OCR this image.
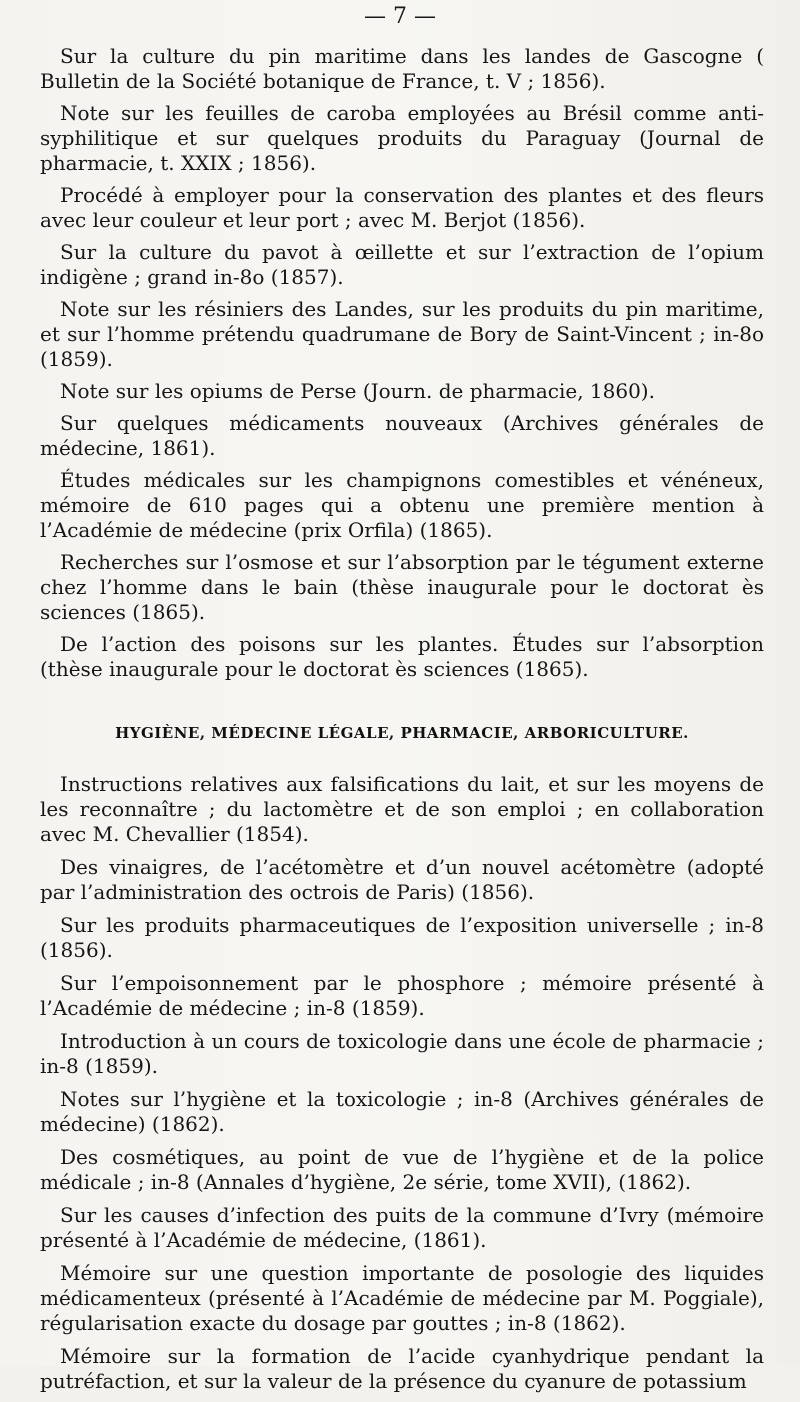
— 7 —

Sur la culture du pin maritime dans les landes de Gascogne ( Bulletin de la Société botanique de France, t. V ; 1856).

Note sur les feuilles de caroba employées au Brésil comme anti-syphilitique et sur quelques produits du Paraguay (Journal de pharmacie, t. XXIX ; 1856).

Procédé à employer pour la conservation des plantes et des fleurs avec leur couleur et leur port ; avec M. Berjot (1856).

Sur la culture du pavot à œillette et sur l’extraction de l’opium indigène ; grand in-8o (1857).

Note sur les résiniers des Landes, sur les produits du pin maritime, et sur l’homme prétendu quadrumane de Bory de Saint-Vincent ; in-8o (1859).

Note sur les opiums de Perse (Journ. de pharmacie, 1860).

Sur quelques médicaments nouveaux (Archives générales de médecine, 1861).

Études médicales sur les champignons comestibles et vénéneux, mémoire de 610 pages qui a obtenu une première mention à l’Académie de médecine (prix Orfila) (1865).

Recherches sur l’osmose et sur l’absorption par le tégument externe chez l’homme dans le bain (thèse inaugurale pour le doctorat ès sciences (1865).

De l’action des poisons sur les plantes. Études sur l’absorption (thèse inaugurale pour le doctorat ès sciences (1865).

HYGIÈNE, MÉDECINE LÉGALE, PHARMACIE, ARBORICULTURE.

Instructions relatives aux falsifications du lait, et sur les moyens de les reconnaître ; du lactomètre et de son emploi ; en collaboration avec M. Chevallier (1854).

Des vinaigres, de l’acétomètre et d’un nouvel acétomètre (adopté par l’administration des octrois de Paris) (1856).

Sur les produits pharmaceutiques de l’exposition universelle ; in-8 (1856).

Sur l’empoisonnement par le phosphore ; mémoire présenté à l’Académie de médecine ; in-8 (1859).

Introduction à un cours de toxicologie dans une école de pharmacie ; in-8 (1859).

Notes sur l’hygiène et la toxicologie ; in-8 (Archives générales de médecine) (1862).

Des cosmétiques, au point de vue de l’hygiène et de la police médicale ; in-8 (Annales d’hygiène, 2e série, tome XVII), (1862).

Sur les causes d’infection des puits de la commune d’Ivry (mémoire présenté à l’Académie de médecine, (1861).

Mémoire sur une question importante de posologie des liquides médicamenteux (présenté à l’Académie de médecine par M. Poggiale), régularisation exacte du dosage par gouttes ; in-8 (1862).

Mémoire sur la formation de l’acide cyanhydrique pendant la putréfaction, et sur la valeur de la présence du cyanure de potassium
